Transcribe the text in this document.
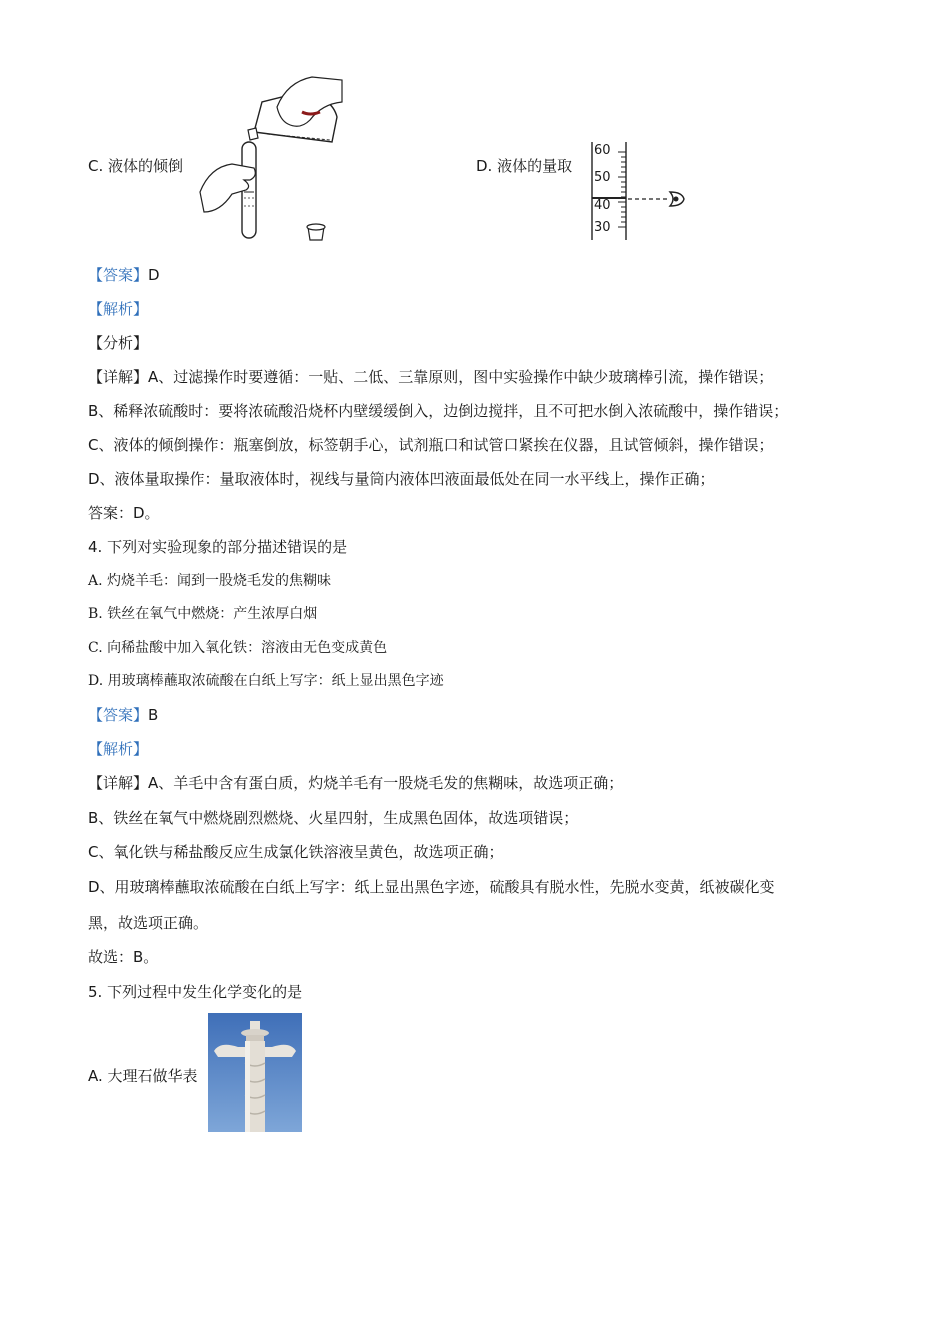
C. 液体的倾倒	D. 液体的量取
60
50
40
30
【答案】D
【解析】
【分析】
【详解】A、过滤操作时要遵循：一贴、二低、三靠原则，图中实验操作中缺少玻璃棒引流，操作错误；
B、稀释浓硫酸时：要将浓硫酸沿烧杯内壁缓缓倒入，边倒边搅拌，且不可把水倒入浓硫酸中，操作错误；
C、液体的倾倒操作：瓶塞倒放，标签朝手心，试剂瓶口和试管口紧挨在仪器，且试管倾斜，操作错误；
D、液体量取操作：量取液体时，视线与量筒内液体凹液面最低处在同一水平线上，操作正确；
答案：D。
4. 下列对实验现象的部分描述错误的是
A. 灼烧羊毛：闻到一股烧毛发的焦糊味
B. 铁丝在氧气中燃烧：产生浓厚白烟
C. 向稀盐酸中加入氧化铁：溶液由无色变成黄色
D. 用玻璃棒蘸取浓硫酸在白纸上写字：纸上显出黑色字迹
【答案】B
【解析】
【详解】A、羊毛中含有蛋白质，灼烧羊毛有一股烧毛发的焦糊味，故选项正确；
B、铁丝在氧气中燃烧剧烈燃烧、火星四射，生成黑色固体，故选项错误；
C、氧化铁与稀盐酸反应生成氯化铁溶液呈黄色，故选项正确；
D、用玻璃棒蘸取浓硫酸在白纸上写字：纸上显出黑色字迹，硫酸具有脱水性，先脱水变黄，纸被碳化变
黑，故选项正确。
故选：B。
5. 下列过程中发生化学变化的是
A. 大理石做华表
